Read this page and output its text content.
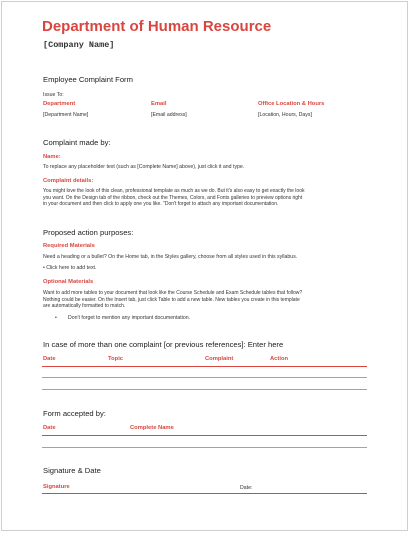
Department of Human Resource
[Company Name]
Employee Complaint Form
Issue To:
Department	Email	Office Location & Hours
[Department Name]	[Email address]	[Location, Hours, Days]
Complaint made by:
Name:
To replace any placeholder text (such as [Complete Name] above), just click it and type.
Complaint details:
You might love the look of this clean, professional template as much as we do. But it's also easy to get exactly the look
you want. On the Design tab of the ribbon, check out the Themes, Colors, and Fonts galleries to preview options right
in your document and then click to apply one you like. "Don't forget to attach any important documentation.
Proposed action purposes:
Required Materials
Need a heading or a bullet? On the Home tab, in the Styles gallery, choose from all styles used in this syllabus.
• Click here to add text.
Optional Materials
Want to add more tables to your document that look like the Course Schedule and Exam Schedule tables that follow?
Nothing could be easier. On the Insert tab, just click Table to add a new table. New tables you create in this template
are automatically formatted to match.
• Don't forget to mention any important documentation.
In case of more than one complaint [or previous references]: Enter here
Date	Topic	Complaint	Action
Form accepted by:
Date	Complete Name
Signature & Date
Signature	Date:
